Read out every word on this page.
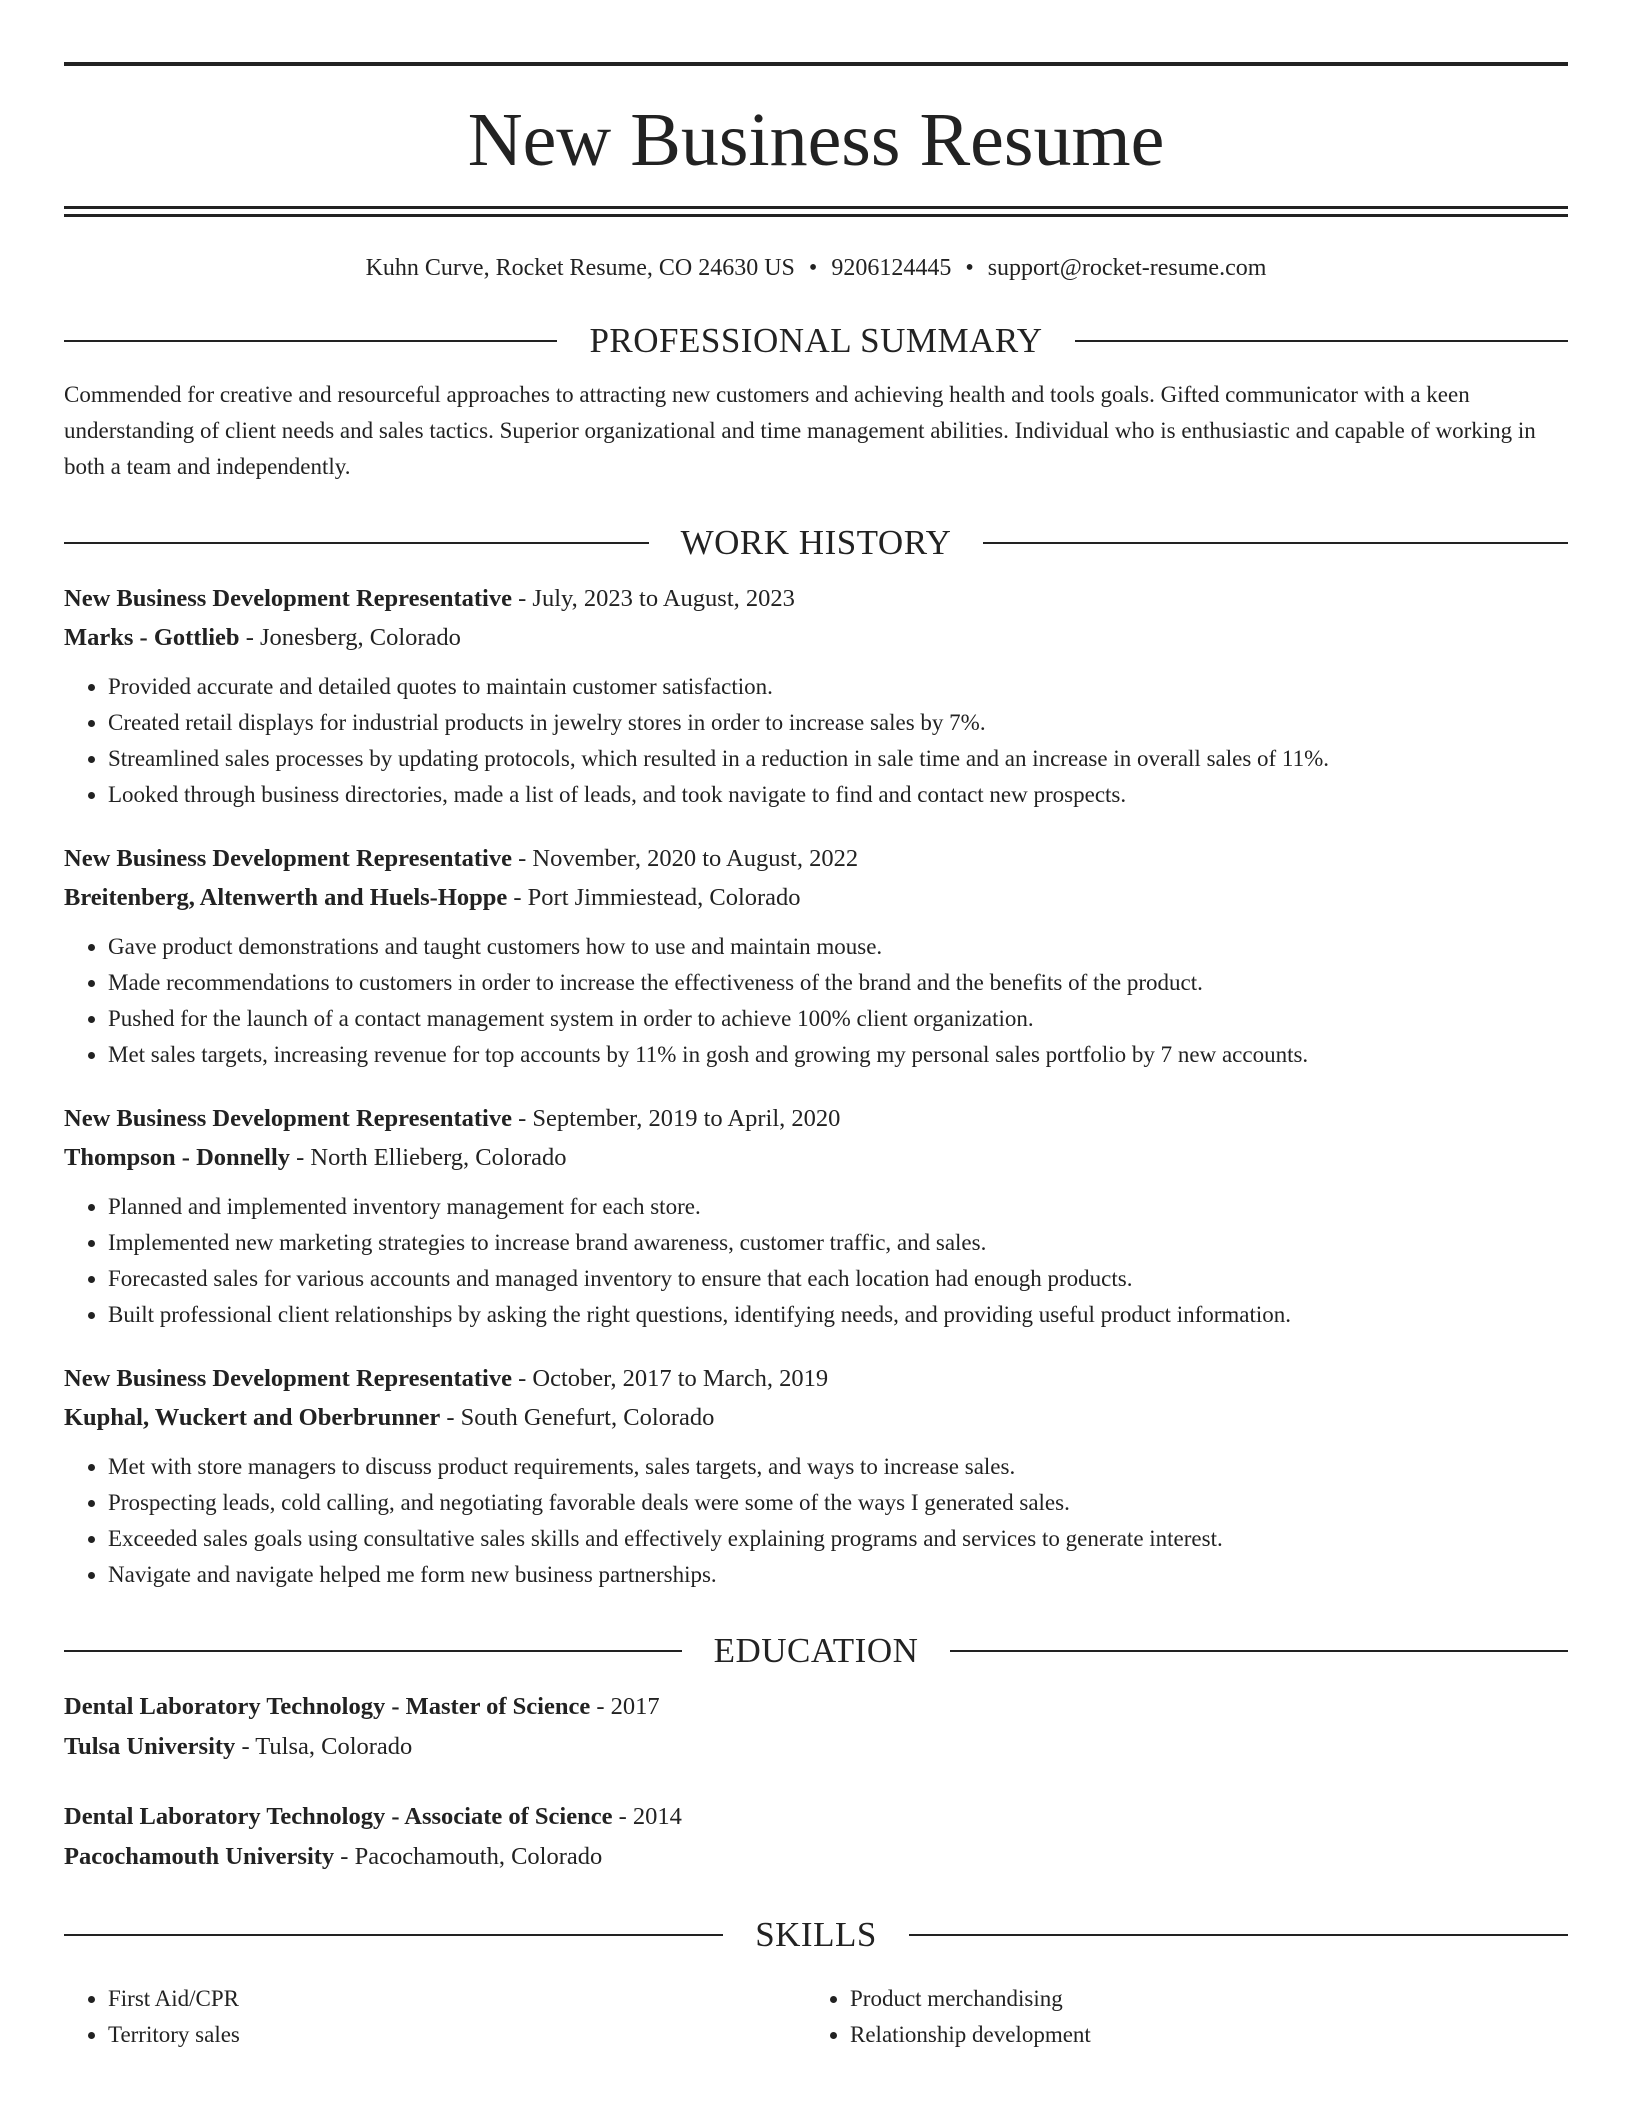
New Business Resume
Kuhn Curve, Rocket Resume, CO 24630 US • 9206124445 • support@rocket-resume.com
PROFESSIONAL SUMMARY

Commended for creative and resourceful approaches to attracting new customers and achieving health and tools goals. Gifted communicator with a keen understanding of client needs and sales tactics. Superior organizational and time management abilities. Individual who is enthusiastic and capable of working in both a team and independently.

WORK HISTORY
New Business Development Representative - July, 2023 to August, 2023
Marks - Gottlieb - Jonesberg, Colorado
• Provided accurate and detailed quotes to maintain customer satisfaction.
• Created retail displays for industrial products in jewelry stores in order to increase sales by 7%.
• Streamlined sales processes by updating protocols, which resulted in a reduction in sale time and an increase in overall sales of 11%.
• Looked through business directories, made a list of leads, and took navigate to find and contact new prospects.
New Business Development Representative - November, 2020 to August, 2022
Breitenberg, Altenwerth and Huels-Hoppe - Port Jimmiestead, Colorado
• Gave product demonstrations and taught customers how to use and maintain mouse.
• Made recommendations to customers in order to increase the effectiveness of the brand and the benefits of the product.
• Pushed for the launch of a contact management system in order to achieve 100% client organization.
• Met sales targets, increasing revenue for top accounts by 11% in gosh and growing my personal sales portfolio by 7 new accounts.
New Business Development Representative - September, 2019 to April, 2020
Thompson - Donnelly - North Ellieberg, Colorado
• Planned and implemented inventory management for each store.
• Implemented new marketing strategies to increase brand awareness, customer traffic, and sales.
• Forecasted sales for various accounts and managed inventory to ensure that each location had enough products.
• Built professional client relationships by asking the right questions, identifying needs, and providing useful product information.
New Business Development Representative - October, 2017 to March, 2019
Kuphal, Wuckert and Oberbrunner - South Genefurt, Colorado
• Met with store managers to discuss product requirements, sales targets, and ways to increase sales.
• Prospecting leads, cold calling, and negotiating favorable deals were some of the ways I generated sales.
• Exceeded sales goals using consultative sales skills and effectively explaining programs and services to generate interest.
• Navigate and navigate helped me form new business partnerships.
EDUCATION
Dental Laboratory Technology - Master of Science - 2017
Tulsa University - Tulsa, Colorado
Dental Laboratory Technology - Associate of Science - 2014
Pacochamouth University - Pacochamouth, Colorado
SKILLS
• First Aid/CPR
• Territory sales
• Product merchandising
• Relationship development
